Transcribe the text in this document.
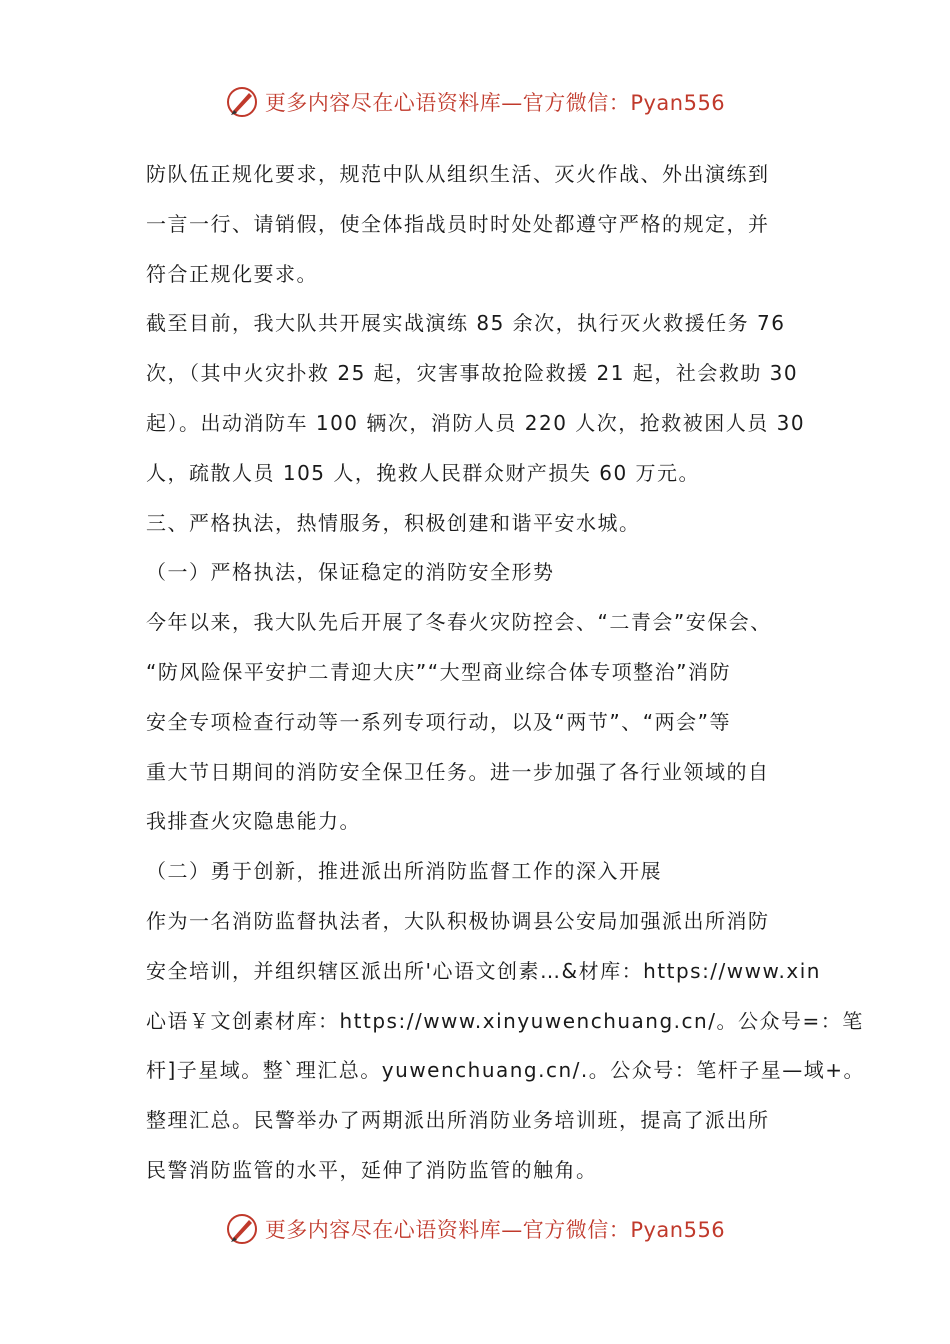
更多内容尽在心语资料库—官方微信：Pyan556
防队伍正规化要求，规范中队从组织生活、灭火作战、外出演练到
一言一行、请销假，使全体指战员时时处处都遵守严格的规定，并
符合正规化要求。
截至目前，我大队共开展实战演练 85 余次，执行灭火救援任务 76
次，（其中火灾扑救 25 起，灾害事故抢险救援 21 起，社会救助 30
起）。出动消防车 100 辆次，消防人员 220 人次，抢救被困人员 30
人，疏散人员 105 人，挽救人民群众财产损失 60 万元。
三、严格执法，热情服务，积极创建和谐平安水城。
（一）严格执法，保证稳定的消防安全形势
今年以来，我大队先后开展了冬春火灾防控会、“二青会”安保会、
“防风险保平安护二青迎大庆”“大型商业综合体专项整治”消防
安全专项检查行动等一系列专项行动，以及“两节”、“两会”等
重大节日期间的消防安全保卫任务。进一步加强了各行业领域的自
我排查火灾隐患能力。
（二）勇于创新，推进派出所消防监督工作的深入开展
作为一名消防监督执法者，大队积极协调县公安局加强派出所消防
安全培训，并组织辖区派出所'心语文创素…&材库：https://www.xin
心语￥文创素材库：https://www.xinyuwenchuang.cn/。公众号=：笔
杆]子星域。整`理汇总。yuwenchuang.cn/.。公众号：笔杆子星—域+。
整理汇总。民警举办了两期派出所消防业务培训班，提高了派出所
民警消防监管的水平，延伸了消防监管的触角。
更多内容尽在心语资料库—官方微信：Pyan556
